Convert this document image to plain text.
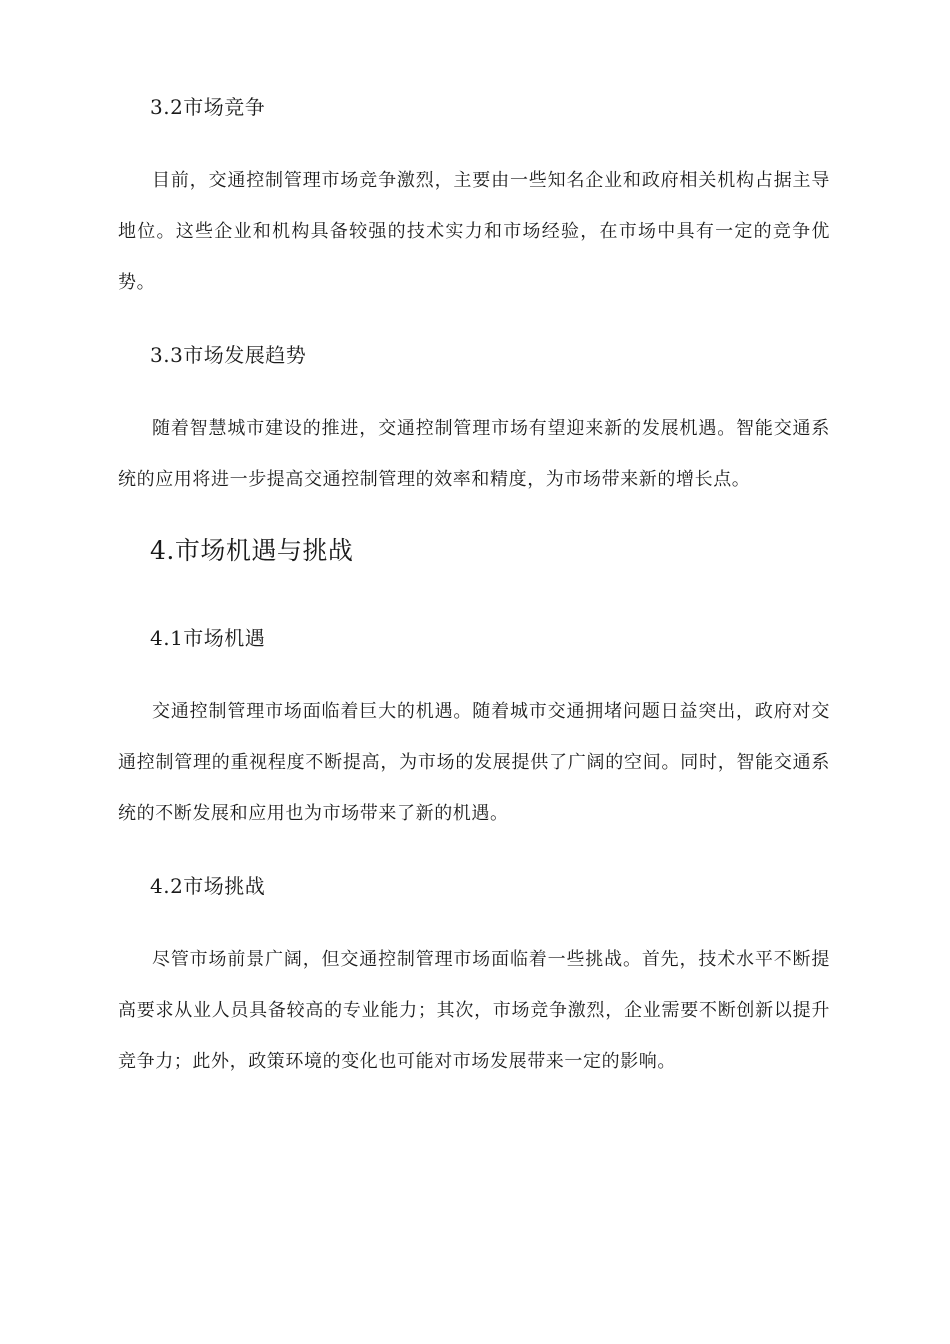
3.2市场竞争
目前，交通控制管理市场竞争激烈，主要由一些知名企业和政府相关机构占据主导地位。这些企业和机构具备较强的技术实力和市场经验，在市场中具有一定的竞争优势。
3.3市场发展趋势
随着智慧城市建设的推进，交通控制管理市场有望迎来新的发展机遇。智能交通系统的应用将进一步提高交通控制管理的效率和精度，为市场带来新的增长点。
4.市场机遇与挑战
4.1市场机遇
交通控制管理市场面临着巨大的机遇。随着城市交通拥堵问题日益突出，政府对交通控制管理的重视程度不断提高，为市场的发展提供了广阔的空间。同时，智能交通系统的不断发展和应用也为市场带来了新的机遇。
4.2市场挑战
尽管市场前景广阔，但交通控制管理市场面临着一些挑战。首先，技术水平不断提高要求从业人员具备较高的专业能力；其次，市场竞争激烈，企业需要不断创新以提升竞争力；此外，政策环境的变化也可能对市场发展带来一定的影响。
